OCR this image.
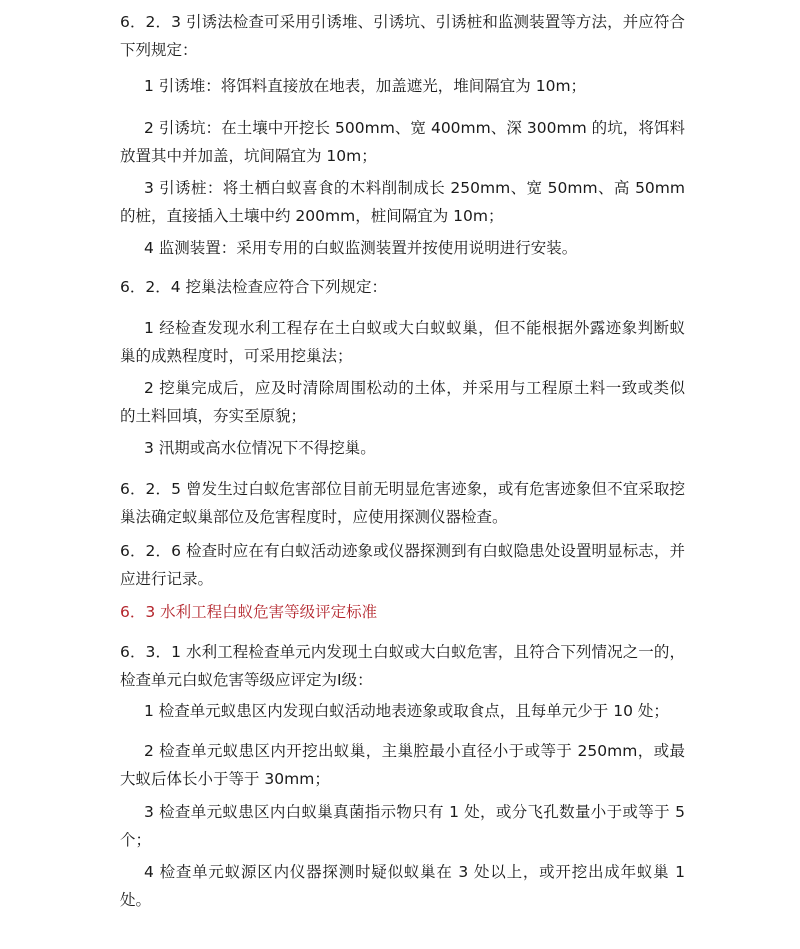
6．2．3 引诱法检查可采用引诱堆、引诱坑、引诱桩和监测装置等方法，并应符合下列规定：

1 引诱堆：将饵料直接放在地表，加盖遮光，堆间隔宜为 10m；

2 引诱坑：在土壤中开挖长 500mm、宽 400mm、深 300mm 的坑，将饵料放置其中并加盖，坑间隔宜为 10m；

3 引诱桩：将土栖白蚁喜食的木料削制成长 250mm、宽 50mm、高 50mm 的桩，直接插入土壤中约 200mm，桩间隔宜为 10m；

4 监测装置：采用专用的白蚁监测装置并按使用说明进行安装。

6．2．4 挖巢法检查应符合下列规定：

1 经检查发现水利工程存在土白蚁或大白蚁蚁巢，但不能根据外露迹象判断蚁巢的成熟程度时，可采用挖巢法；

2 挖巢完成后，应及时清除周围松动的土体，并采用与工程原土料一致或类似的土料回填，夯实至原貌；

3 汛期或高水位情况下不得挖巢。

6．2．5 曾发生过白蚁危害部位目前无明显危害迹象，或有危害迹象但不宜采取挖巢法确定蚁巢部位及危害程度时，应使用探测仪器检查。

6．2．6 检查时应在有白蚁活动迹象或仪器探测到有白蚁隐患处设置明显标志，并应进行记录。

6．3 水利工程白蚁危害等级评定标准

6．3．1 水利工程检查单元内发现土白蚁或大白蚁危害，且符合下列情况之一的，检查单元白蚁危害等级应评定为Ⅰ级：

1 检查单元蚁患区内发现白蚁活动地表迹象或取食点，且每单元少于 10 处；

2 检查单元蚁患区内开挖出蚁巢，主巢腔最小直径小于或等于 250mm，或最大蚁后体长小于等于 30mm；

3 检查单元蚁患区内白蚁巢真菌指示物只有 1 处，或分飞孔数量小于或等于 5 个；

4 检查单元蚁源区内仪器探测时疑似蚁巢在 3 处以上，或开挖出成年蚁巢 1 处。
